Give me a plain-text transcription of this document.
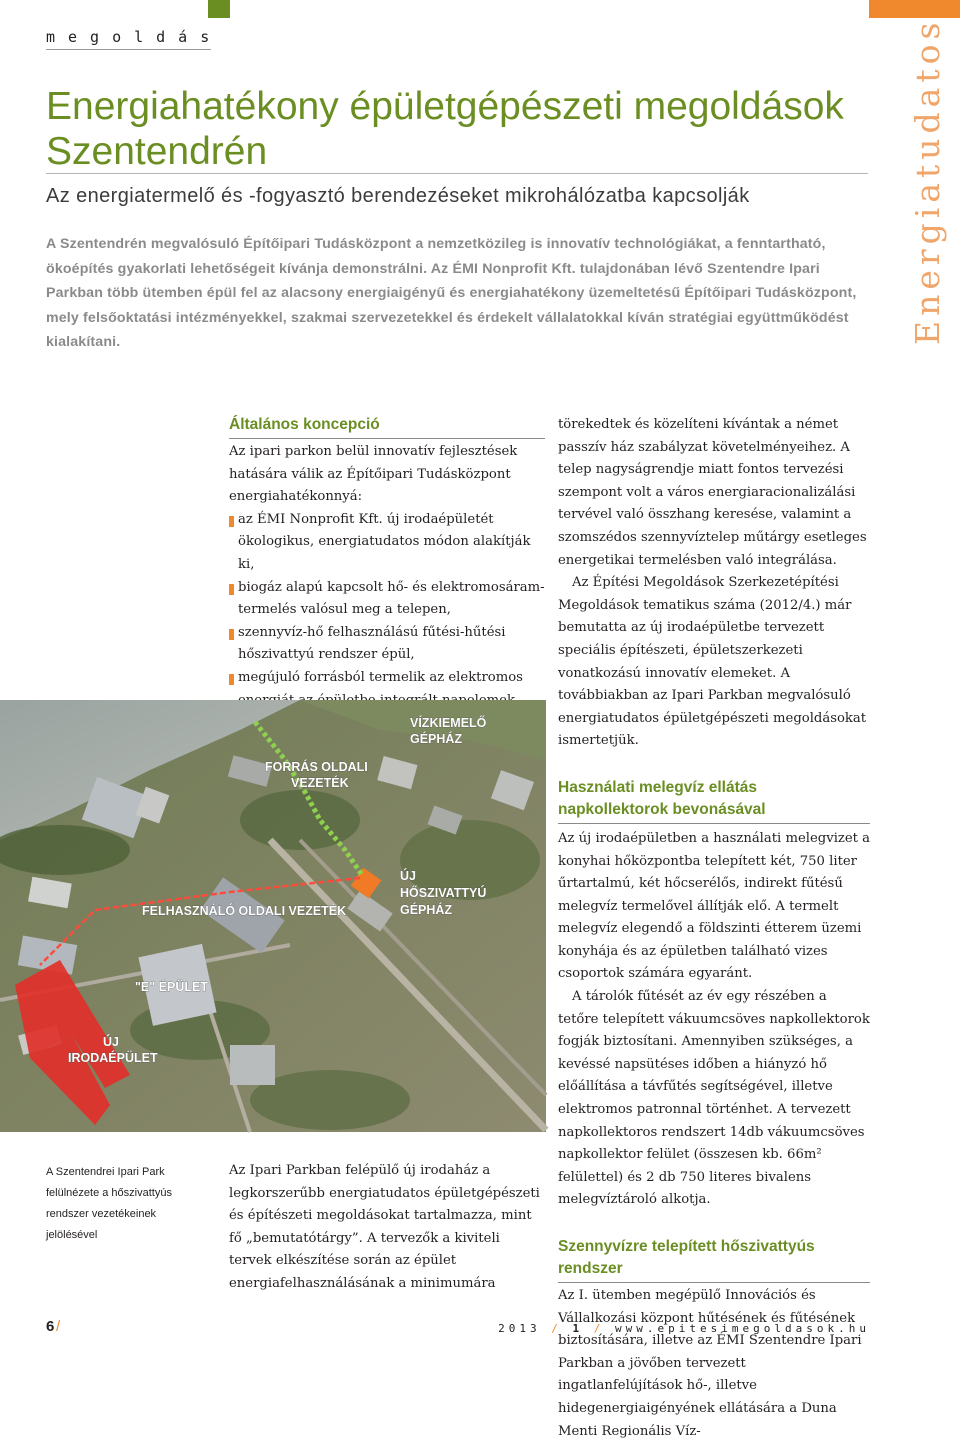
megoldás
Energiahatékony épületgépészeti megoldások Szentendrén
Az energiatermelő és -fogyasztó berendezéseket mikrohálózatba kapcsolják

A Szentendrén megvalósuló Építőipari Tudásközpont a nemzetközileg is innovatív technológiákat, a fenntartható, ökoépítés gyakorlati lehetőségeit kívánja demonstrálni. Az ÉMI Nonprofit Kft. tulajdonában lévő Szentendre Ipari Parkban több ütemben épül fel az alacsony energiaigényű és energiahatékony üzemeltetésű Építőipari Tudásközpont, mely felsőoktatási intézményekkel, szakmai szervezetekkel és érdekelt vállalatokkal kíván stratégiai együttműködést kialakítani.	Energiatudatos
Általános koncepció

Az ipari parkon belül innovatív fejlesztések hatására válik az Építőipari Tudásközpont energiahatékonnyá:

az ÉMI Nonprofit Kft. új irodaépületét ökologikus, energiatudatos módon alakítják ki,
biogáz alapú kapcsolt hő- és elektromosáram-termelés valósul meg a telepen,
szennyvíz-hő felhasználású fűtési-hűtési hőszivattyú rendszer épül,
megújuló forrásból termelik az elektromos
VÍZKIEMELŐ
GÉPHÁZ
FORRÁS OLDALI
VEZETÉK
ÚJ
HŐSZIVATTYÚ
GÉPHÁZ
FELHASZNÁLÓ OLDALI VEZETÉK
"E" ÉPÜLET
ÚJ
IRODAÉPÜLET
A Szentendrei Ipari Park felülnézete a hőszivattyús rendszer vezetékeinek jelölésével

Az Ipari Parkban felépülő új irodaház a legkorszerűbb energiatudatos épületgépészeti és építészeti megoldásokat tartalmazza, mint fő „bemutatótárgy”. A tervezők a kiviteli tervek elkészítése során az épület energiafelhasználásának a minimumára

törekedtek és közelíteni kívántak a német passzív ház szabályzat követelményeihez. A telep nagyságrendje miatt fontos tervezési szempont volt a város energiaracionalizálási tervével való összhang keresése, valamint a szomszédos szennyvíztelep műtárgy esetleges energetikai termelésben való integrálása.

Az Építési Megoldások Szerkezetépítési Megoldások tematikus száma (2012/4.) már bemutatta az új irodaépületbe tervezett speciális építészeti, épületszerkezeti vonatkozású innovatív elemeket. A továbbiakban az Ipari Parkban megvalósuló energiatudatos épületgépészeti megoldásokat ismertetjük.

Használati melegvíz ellátás napkollektorok bevonásával

Az új irodaépületben a használati melegvizet a konyhai hőközpontba telepített két, 750 liter űrtartalmú, két hőcserélős, indirekt fűtésű melegvíz termelővel állítják elő. A termelt melegvíz elegendő a földszinti étterem üzemi konyhája és az épületben található vizes csoportok számára egyaránt.

A tárolók fűtését az év egy részében a tetőre telepített vákuumcsöves napkollektorok fogják biztosítani. Amennyiben szükséges, a kevéssé napsütéses időben a hiányzó hő előállítása a távfűtés segítségével, illetve elektromos patronnal történhet. A tervezett napkollektoros rendszert 14db vákuumcsöves napkollektor felület (összesen kb. 66m² felülettel) és 2 db 750 literes bivalens melegvíztároló alkotja.

Szennyvízre telepített hőszivattyús rendszer

Az I. ütemben megépülő Innovációs és Vállalkozási központ hűtésének és fűtésének biztosítására, illetve az ÉMI Szentendre Ipari Parkban a jövőben tervezett ingatlanfelújítások hő-, illetve hidegenergiaigényének ellátására a Duna Menti Regionális Víz-

6 /	2013 / 1 / www.epitesimegoldasok.hu
